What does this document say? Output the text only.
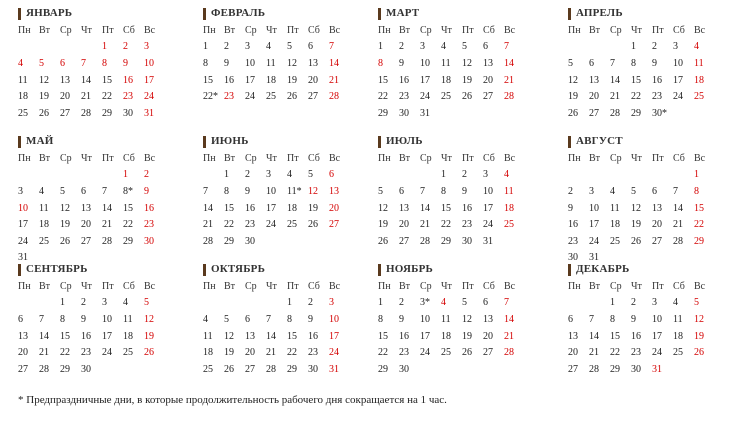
ЯНВАРЬ
Пн	Вт	Ср	Чт	Пт	Сб	Вс
				1	2	3
4	5	6	7	8	9	10
11	12	13	14	15	16	17
18	19	20	21	22	23	24
25	26	27	28	29	30	31
ФЕВРАЛЬ
Пн	Вт	Ср	Чт	Пт	Сб	Вс
1	2	3	4	5	6	7
8	9	10	11	12	13	14
15	16	17	18	19	20	21
22*	23	24	25	26	27	28
МАРТ
Пн	Вт	Ср	Чт	Пт	Сб	Вс
1	2	3	4	5	6	7
8	9	10	11	12	13	14
15	16	17	18	19	20	21
22	23	24	25	26	27	28
29	30	31				
АПРЕЛЬ
Пн	Вт	Ср	Чт	Пт	Сб	Вс
			1	2	3	4
5	6	7	8	9	10	11
12	13	14	15	16	17	18
19	20	21	22	23	24	25
26	27	28	29	30*		
МАЙ
Пн	Вт	Ср	Чт	Пт	Сб	Вс
					1	2
3	4	5	6	7	8*	9
10	11	12	13	14	15	16
17	18	19	20	21	22	23
24	25	26	27	28	29	30
31						
ИЮНЬ
Пн	Вт	Ср	Чт	Пт	Сб	Вс
	1	2	3	4	5	6
7	8	9	10	11*	12	13
14	15	16	17	18	19	20
21	22	23	24	25	26	27
28	29	30				
ИЮЛЬ
Пн	Вт	Ср	Чт	Пт	Сб	Вс
			1	2	3	4
5	6	7	8	9	10	11
12	13	14	15	16	17	18
19	20	21	22	23	24	25
26	27	28	29	30	31	
АВГУСТ
Пн	Вт	Ср	Чт	Пт	Сб	Вс
						1
2	3	4	5	6	7	8
9	10	11	12	13	14	15
16	17	18	19	20	21	22
23	24	25	26	27	28	29
30	31					
СЕНТЯБРЬ
Пн	Вт	Ср	Чт	Пт	Сб	Вс
		1	2	3	4	5
6	7	8	9	10	11	12
13	14	15	16	17	18	19
20	21	22	23	24	25	26
27	28	29	30			
ОКТЯБРЬ
Пн	Вт	Ср	Чт	Пт	Сб	Вс
				1	2	3
4	5	6	7	8	9	10
11	12	13	14	15	16	17
18	19	20	21	22	23	24
25	26	27	28	29	30	31
НОЯБРЬ
Пн	Вт	Ср	Чт	Пт	Сб	Вс
1	2	3*	4	5	6	7
8	9	10	11	12	13	14
15	16	17	18	19	20	21
22	23	24	25	26	27	28
29	30					
ДЕКАБРЬ
Пн	Вт	Ср	Чт	Пт	Сб	Вс
		1	2	3	4	5
6	7	8	9	10	11	12
13	14	15	16	17	18	19
20	21	22	23	24	25	26
27	28	29	30	31		
* Предпраздничные дни, в которые продолжительность рабочего дня сокращается на 1 час.
